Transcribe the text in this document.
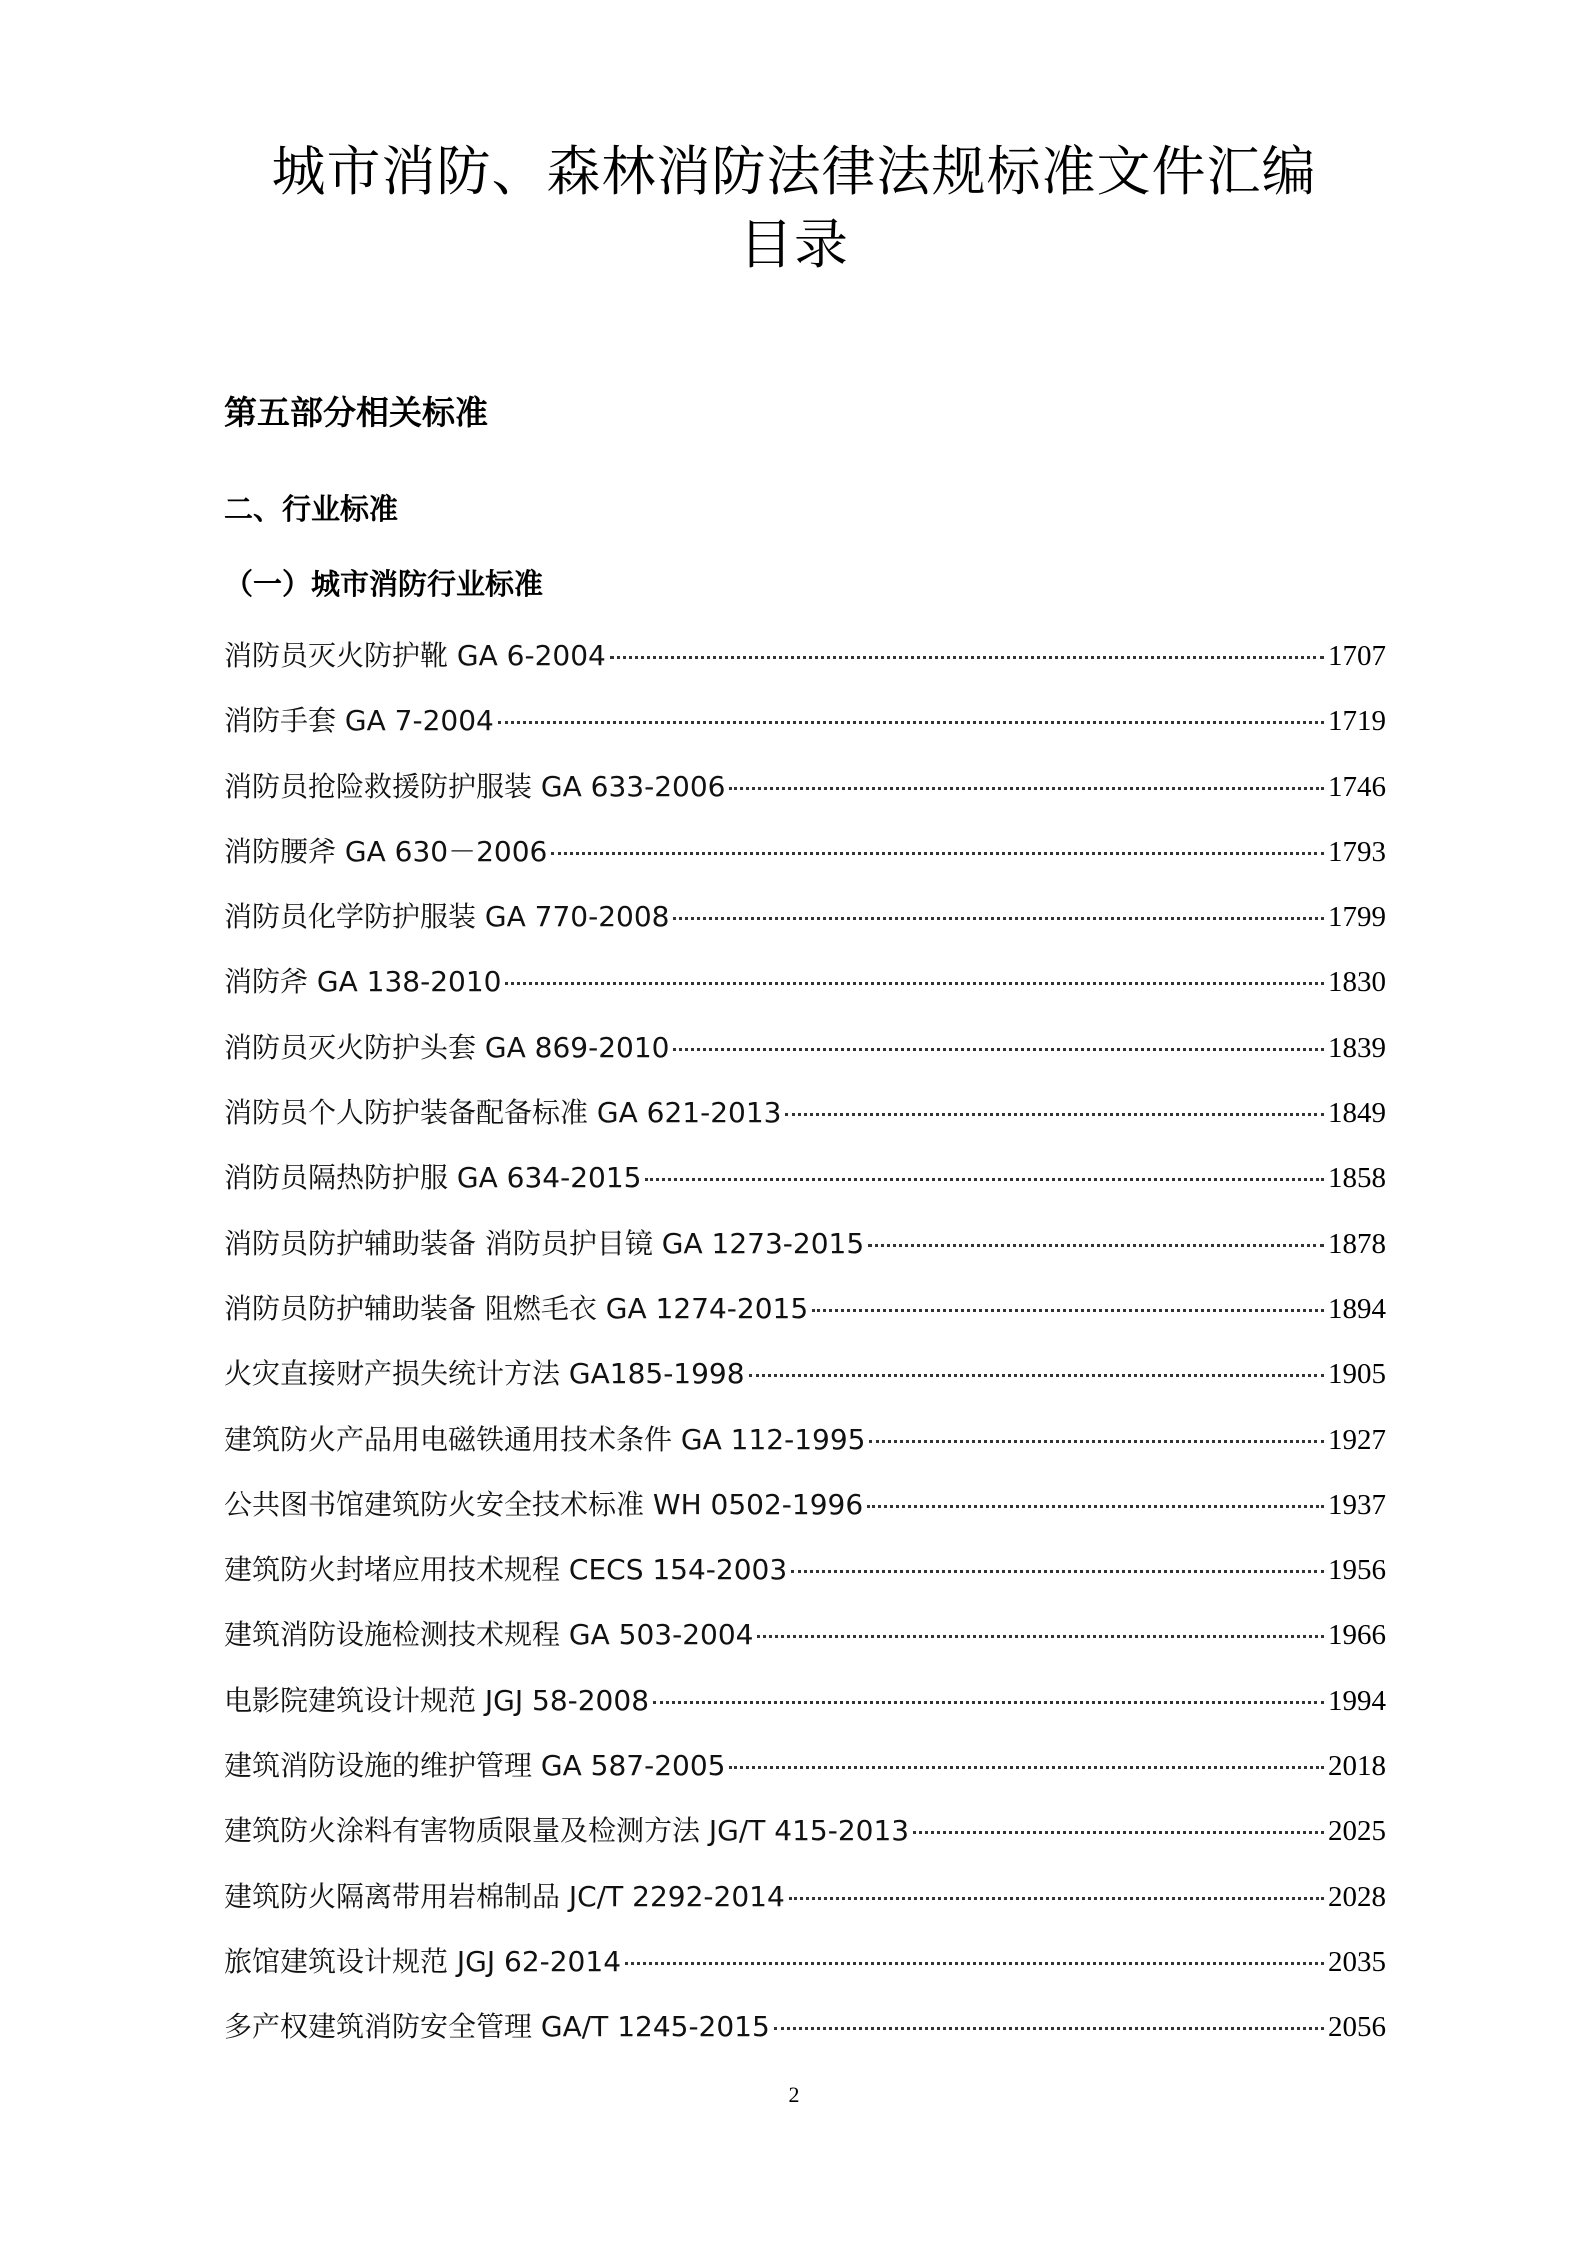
城市消防、森林消防法律法规标准文件汇编
目录
第五部分相关标准
二、行业标准
（一）城市消防行业标准
消防员灭火防护靴 GA 6-2004	1707
消防手套 GA 7-2004	1719
消防员抢险救援防护服装 GA 633-2006	1746
消防腰斧 GA 630－2006	1793
消防员化学防护服装 GA 770-2008	1799
消防斧 GA 138-2010	1830
消防员灭火防护头套 GA 869-2010	1839
消防员个人防护装备配备标准 GA 621-2013	1849
消防员隔热防护服 GA 634-2015	1858
消防员防护辅助装备 消防员护目镜 GA 1273-2015	1878
消防员防护辅助装备 阻燃毛衣 GA 1274-2015	1894
火灾直接财产损失统计方法 GA185-1998	1905
建筑防火产品用电磁铁通用技术条件 GA 112-1995	1927
公共图书馆建筑防火安全技术标准 WH 0502-1996	1937
建筑防火封堵应用技术规程 CECS 154-2003	1956
建筑消防设施检测技术规程 GA 503-2004	1966
电影院建筑设计规范 JGJ 58-2008	1994
建筑消防设施的维护管理 GA 587-2005	2018
建筑防火涂料有害物质限量及检测方法 JG/T 415-2013	2025
建筑防火隔离带用岩棉制品 JC/T 2292-2014	2028
旅馆建筑设计规范 JGJ 62-2014	2035
多产权建筑消防安全管理 GA/T 1245-2015	2056
2
